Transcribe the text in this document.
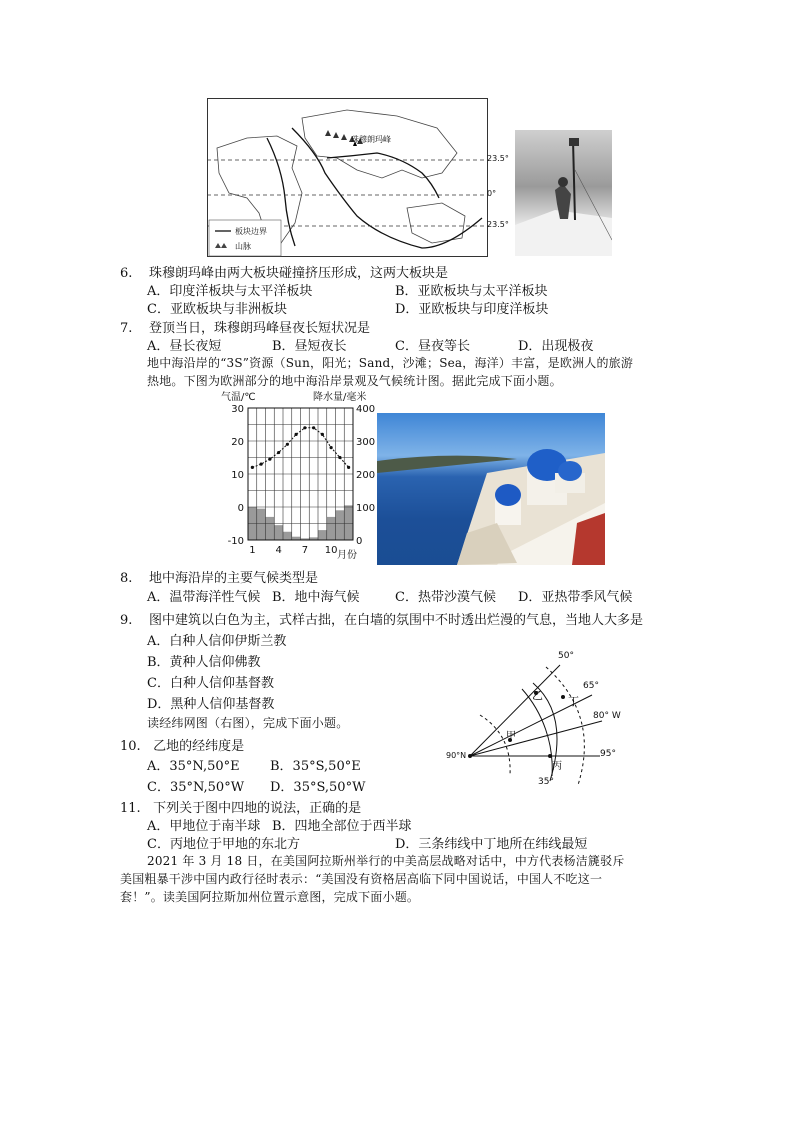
珠穆朗玛峰
23.5°
0°
23.5°
板块边界
山脉
6. 珠穆朗玛峰由两大板块碰撞挤压形成，这两大板块是
A．印度洋板块与太平洋板块	B．亚欧板块与太平洋板块
C．亚欧板块与非洲板块	D．亚欧板块与印度洋板块
7. 登顶当日，珠穆朗玛峰昼夜长短状况是
A．昼长夜短	B．昼短夜长	C．昼夜等长	D．出现极夜
地中海沿岸的“3S”资源（Sun，阳光；Sand，沙滩；Sea，海洋）丰富，是欧洲人的旅游
热地。下图为欧洲部分的地中海沿岸景观及气候统计图。据此完成下面小题。
气温/℃	降水量/毫米
30
20
10
0
-10
400
300
200
100
0
1 4 7 10 月份
8. 地中海沿岸的主要气候类型是
A．温带海洋性气候 B．地中海气候	C．热带沙漠气候 D．亚热带季风气候
9. 图中建筑以白色为主，式样古拙，在白墙的氛围中不时透出烂漫的气息，当地人大多是
A．白种人信仰伊斯兰教
B．黄种人信仰佛教
C．白种人信仰基督教
D．黑种人信仰基督教
读经纬网图（右图），完成下面小题。
50°
65°
80° W
95°
35°
90°N
甲
乙 丁
丙
10. 乙地的经纬度是
A．35°N,50°E B．35°S,50°E
C．35°N,50°W D．35°S,50°W
11. 下列关于图中四地的说法，正确的是
A．甲地位于南半球 B．四地全部位于西半球
C．丙地位于甲地的东北方	D．三条纬线中丁地所在纬线最短
2021 年 3 月 18 日，在美国阿拉斯州举行的中美高层战略对话中，中方代表杨洁篪驳斥
美国粗暴干涉中国内政行径时表示：“美国没有资格居高临下同中国说话，中国人不吃这一
套！”。读美国阿拉斯加州位置示意图，完成下面小题。
